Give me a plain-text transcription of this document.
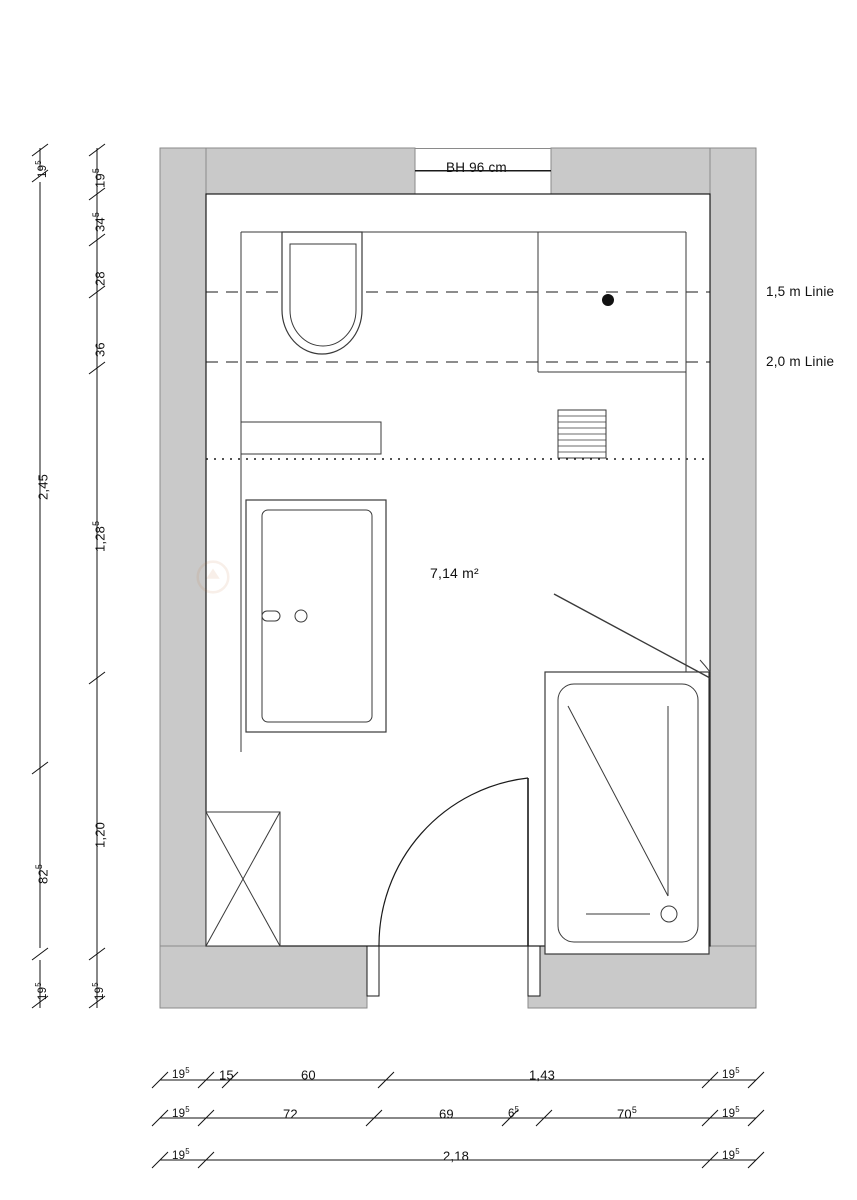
BH 96 cm
1,5 m Linie
2,0 m Linie
7,14 m²
2,45
$82^5$
$19^5$
$19^5$
$19^5$
$34^5$
28
36
1,28$^5$
1,20
$19^5$
$19^5$ 15	60	1,43	$19^5$
$19^5$	72	69	$6^5$	$70^5$	$19^5$
$19^5$	2,18	$19^5$
